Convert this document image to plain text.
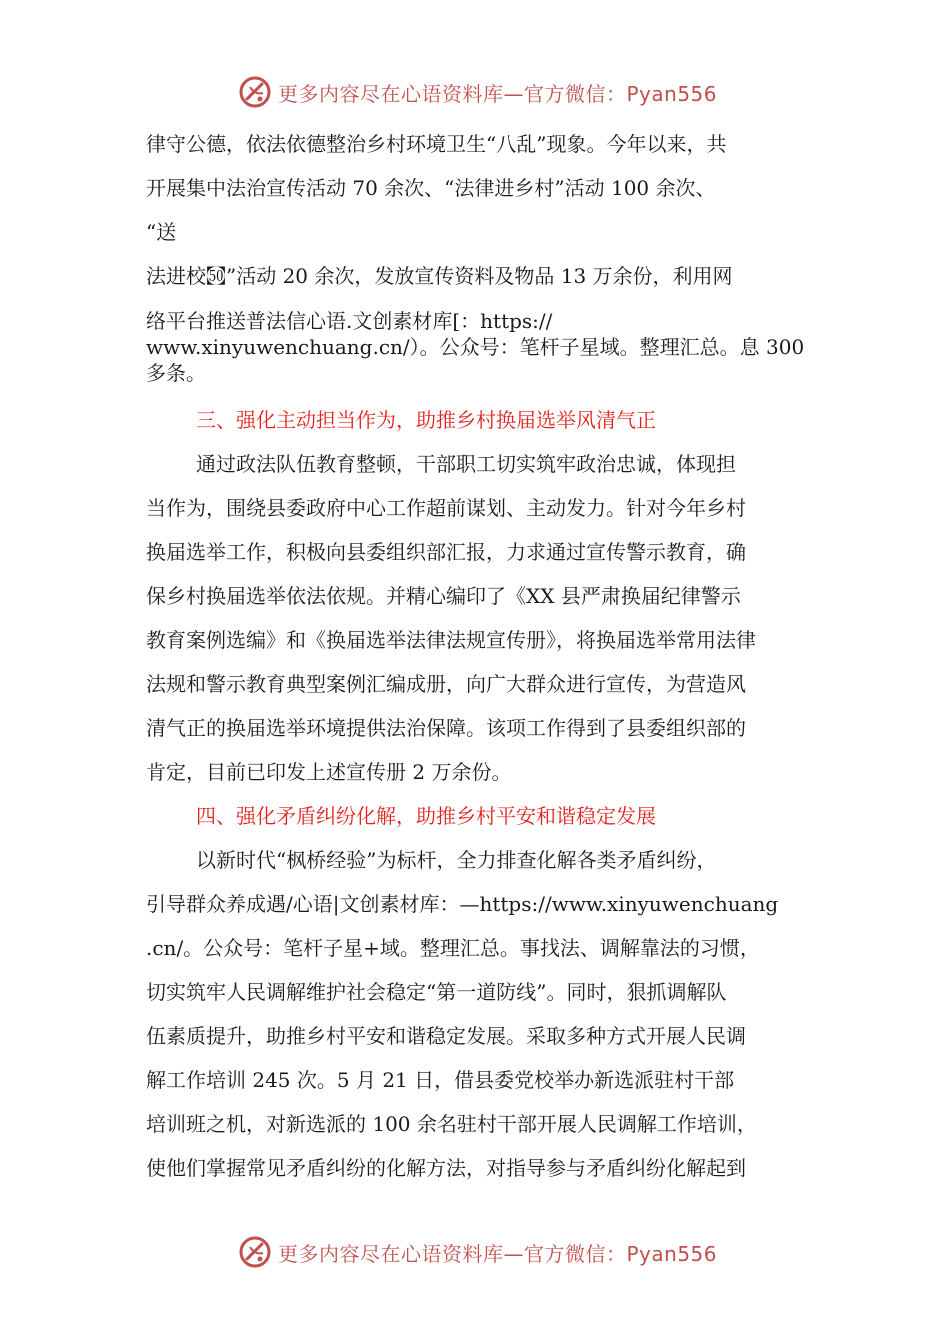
更多内容尽在心语资料库—官方微信：Pyan556
律守公德，依法依德整治乡村环境卫生“八乱”现象。今年以来，共
开展集中法治宣传活动 70 余次、“法律进乡村”活动 100 余次、
“送
法进校㉌”活动 20 余次，发放宣传资料及物品 13 万余份，利用网
络平台推送普法信心语.文创素材库[：https://
www.xinyuwenchuang.cn/）。公众号：笔杆子星域。整理汇总。息 300
多条。
三、强化主动担当作为，助推乡村换届选举风清气正
通过政法队伍教育整顿，干部职工切实筑牢政治忠诚，体现担
当作为，围绕县委政府中心工作超前谋划、主动发力。针对今年乡村
换届选举工作，积极向县委组织部汇报，力求通过宣传警示教育，确
保乡村换届选举依法依规。并精心编印了《XX 县严肃换届纪律警示
教育案例选编》和《换届选举法律法规宣传册》，将换届选举常用法律
法规和警示教育典型案例汇编成册，向广大群众进行宣传，为营造风
清气正的换届选举环境提供法治保障。该项工作得到了县委组织部的
肯定，目前已印发上述宣传册 2 万余份。
四、强化矛盾纠纷化解，助推乡村平安和谐稳定发展
以新时代“枫桥经验”为标杆，全力排查化解各类矛盾纠纷，
引导群众养成遇/心语|文创素材库：—https://www.xinyuwenchuang
.cn/。公众号：笔杆子星+域。整理汇总。事找法、调解靠法的习惯，
切实筑牢人民调解维护社会稳定“第一道防线”。同时，狠抓调解队
伍素质提升，助推乡村平安和谐稳定发展。采取多种方式开展人民调
解工作培训 245 次。5 月 21 日，借县委党校举办新选派驻村干部
培训班之机，对新选派的 100 余名驻村干部开展人民调解工作培训，
使他们掌握常见矛盾纠纷的化解方法，对指导参与矛盾纠纷化解起到
更多内容尽在心语资料库—官方微信：Pyan556
